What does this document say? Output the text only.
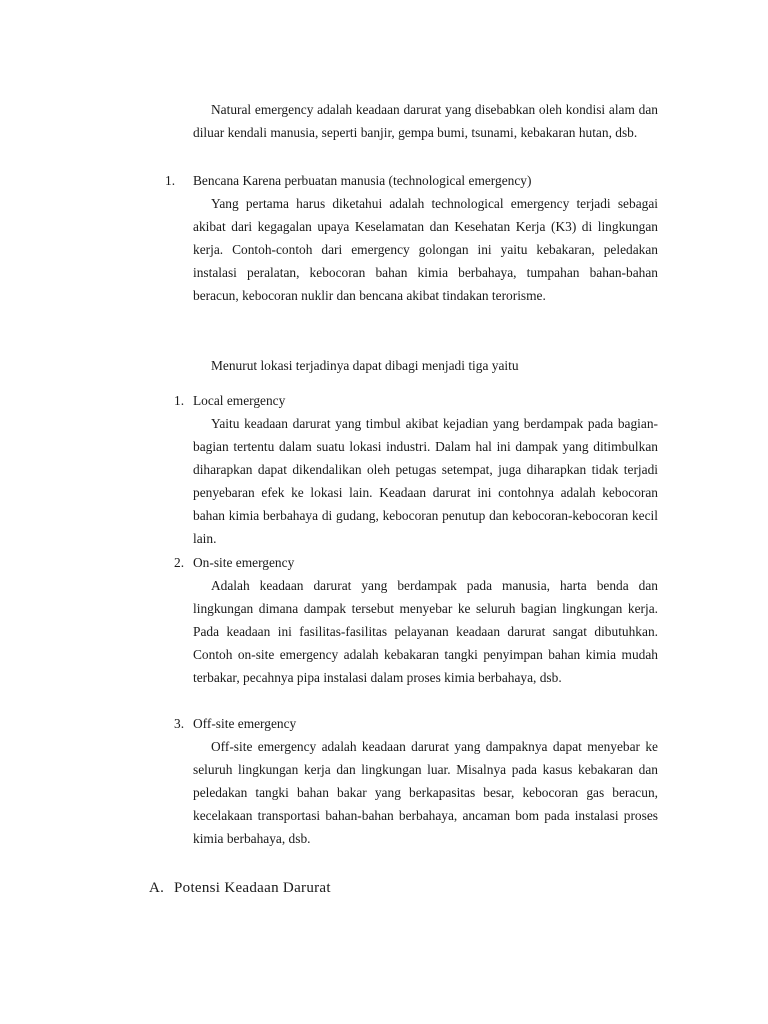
Natural emergency adalah keadaan darurat yang disebabkan oleh kondisi alam dan diluar kendali manusia, seperti banjir, gempa bumi, tsunami, kebakaran hutan, dsb.

1. Bencana Karena perbuatan manusia (technological emergency)

Yang pertama harus diketahui adalah technological emergency terjadi sebagai akibat dari kegagalan upaya Keselamatan dan Kesehatan Kerja (K3) di lingkungan kerja. Contoh-contoh dari emergency golongan ini yaitu kebakaran, peledakan instalasi peralatan, kebocoran bahan kimia berbahaya, tumpahan bahan-bahan beracun, kebocoran nuklir dan bencana akibat tindakan terorisme.

Menurut lokasi terjadinya dapat dibagi menjadi tiga yaitu
1. Local emergency

Yaitu keadaan darurat yang timbul akibat kejadian yang berdampak pada bagian-bagian tertentu dalam suatu lokasi industri. Dalam hal ini dampak yang ditimbulkan diharapkan dapat dikendalikan oleh petugas setempat, juga diharapkan tidak terjadi penyebaran efek ke lokasi lain. Keadaan darurat ini contohnya adalah kebocoran bahan kimia berbahaya di gudang, kebocoran penutup dan kebocoran-kebocoran kecil lain.

2. On-site emergency

Adalah keadaan darurat yang berdampak pada manusia, harta benda dan lingkungan dimana dampak tersebut menyebar ke seluruh bagian lingkungan kerja. Pada keadaan ini fasilitas-fasilitas pelayanan keadaan darurat sangat dibutuhkan. Contoh on-site emergency adalah kebakaran tangki penyimpan bahan kimia mudah terbakar, pecahnya pipa instalasi dalam proses kimia berbahaya, dsb.

3. Off-site emergency

Off-site emergency adalah keadaan darurat yang dampaknya dapat menyebar ke seluruh lingkungan kerja dan lingkungan luar. Misalnya pada kasus kebakaran dan peledakan tangki bahan bakar yang berkapasitas besar, kebocoran gas beracun, kecelakaan transportasi bahan-bahan berbahaya, ancaman bom pada instalasi proses kimia berbahaya, dsb.

A. Potensi Keadaan Darurat
